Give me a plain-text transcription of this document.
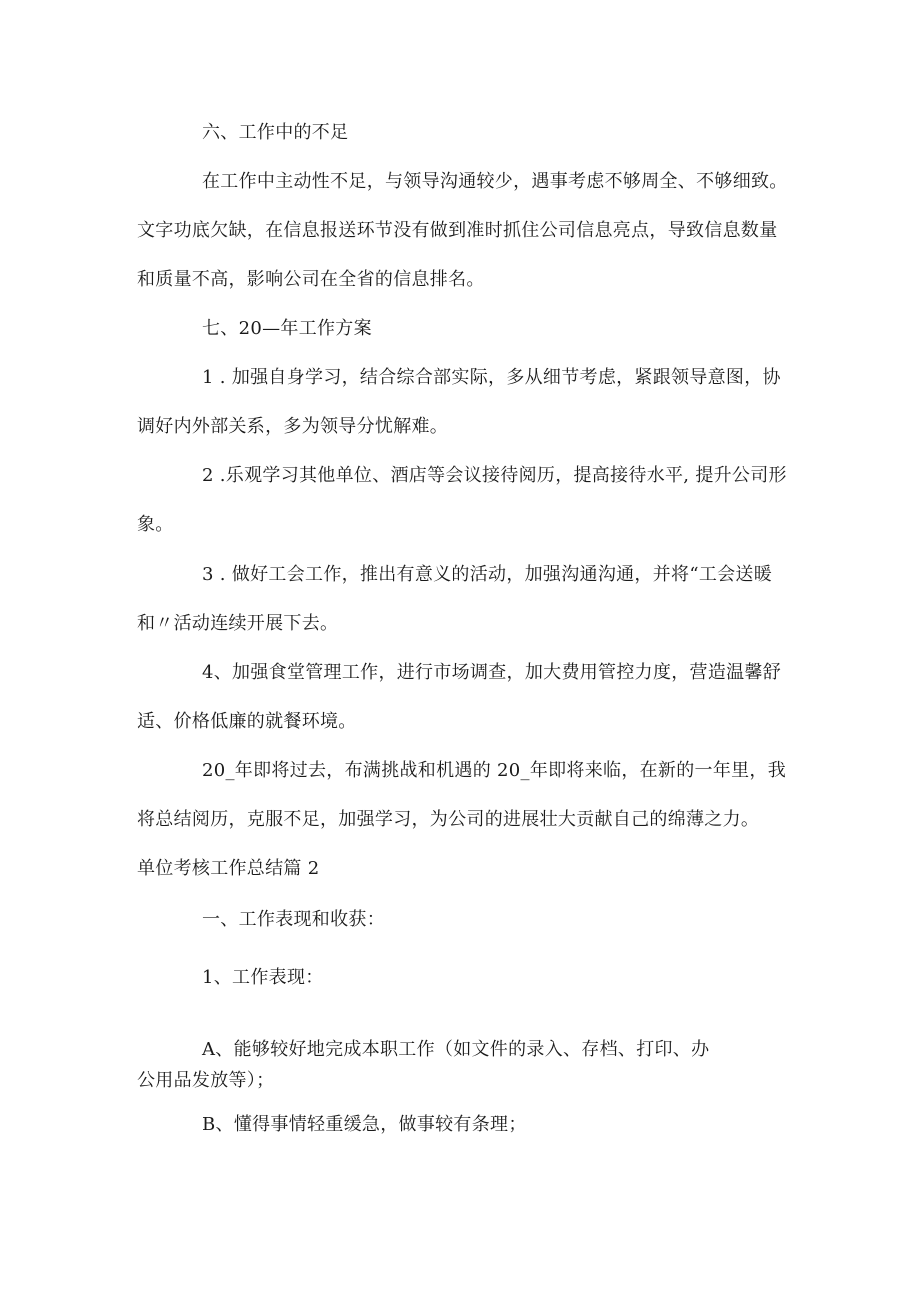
六、工作中的不足
在工作中主动性不足，与领导沟通较少，遇事考虑不够周全、不够细致。
文字功底欠缺，在信息报送环节没有做到准时抓住公司信息亮点，导致信息数量
和质量不高，影响公司在全省的信息排名。
七、20—年工作方案
1 . 加强自身学习，结合综合部实际，多从细节考虑，紧跟领导意图，协
调好内外部关系，多为领导分忧解难。
2 .乐观学习其他单位、酒店等会议接待阅历，提高接待水平, 提升公司形
象。
3 . 做好工会工作，推出有意义的活动，加强沟通沟通，并将“工会送暖
和〃活动连续开展下去。
4、加强食堂管理工作，进行市场调查，加大费用管控力度，营造温馨舒
适、价格低廉的就餐环境。
20_年即将过去，布满挑战和机遇的 20_年即将来临，在新的一年里，我
将总结阅历，克服不足，加强学习，为公司的进展壮大贡献自己的绵薄之力。
单位考核工作总结篇 2
一、工作表现和收获：
1、工作表现：
A、能够较好地完成本职工作（如文件的录入、存档、打印、办
公用品发放等）；
B、懂得事情轻重缓急，做事较有条理；
